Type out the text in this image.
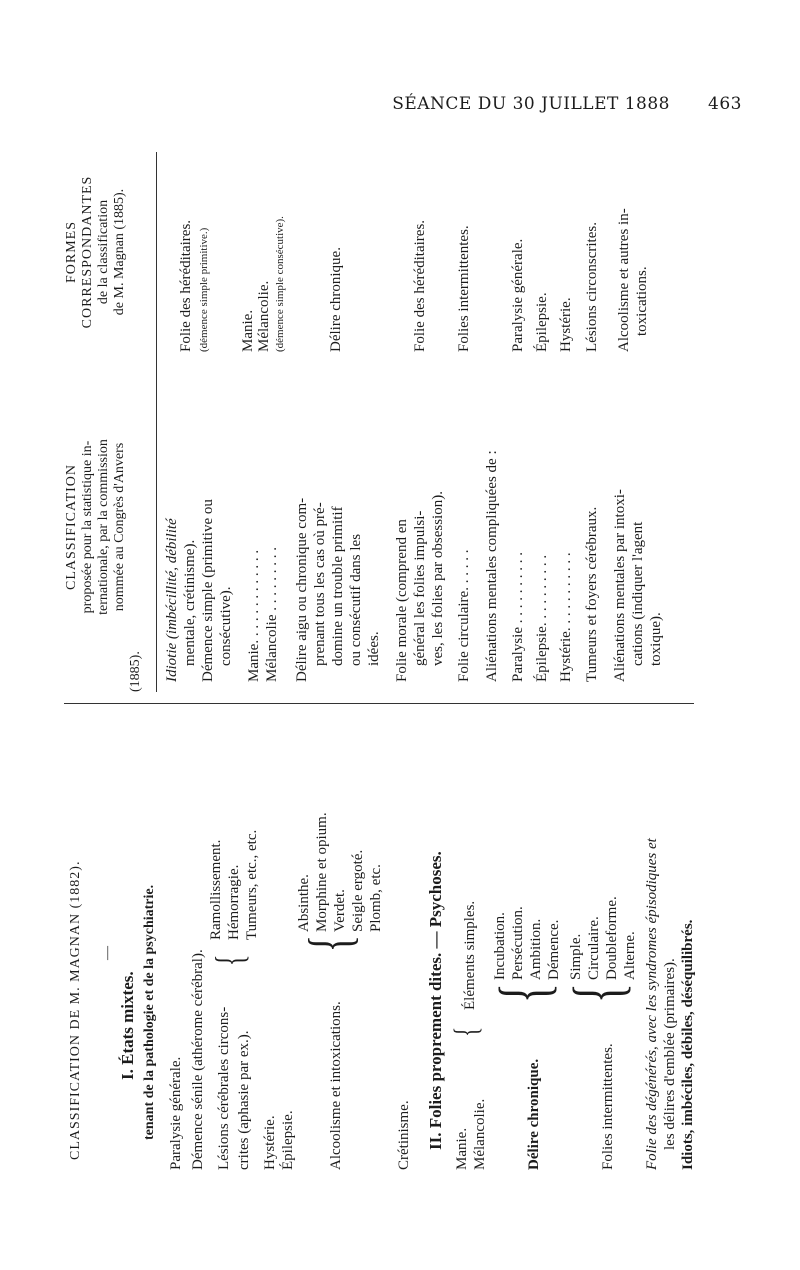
SÉANCE DU 30 JUILLET 1888 463
CLASSIFICATION DE M. MAGNAN (1882). —
I. États mixtes. tenant de la pathologie et de la psychiatrie. Paralysie générale. Démence sénile (athérome cérébral). Lésions cérébrales circons- crites (aphasie par ex.).
{
Ramollissement. Hémorragie. Tumeurs, etc., etc.
Hystérie. Épilepsie. Alcoolisme et intoxications.
{
Absinthe. Morphine et opium. Verdet. Seigle ergoté. Plomb, etc.
Crétinisme. II. Folies proprement dites. — Psychoses. Manie. Mélancolie.
{
Éléments simples.
Délire chronique.
{
Incubation. Persécution. Ambition. Démence.
Folies intermittentes.
{
Simple. Circulaire. Doubleforme. Alterne. Folie des dégénérés, avec les syndromes épisodiques et les délires d'emblée (primaires). Idiots, imbéciles, débiles, déséquilibrés.
CLASSIFICATION proposée pour la statistique in- ternationale, par la commission nommée au Congrès d'Anvers
(1885).
FORMES CORRESPONDANTES de la classification de M. Magnan (1885).
Idiotie (imbécillité, débilité mentale, crétinisme). Démence simple (primitive ou consécutive).
Folie des héréditaires. (démence simple primitive.)
Manie. . . . . . . . . . . . . Mélancolie . . . . . . . . .
Manie. Mélancolie. (démence simple consécutive).
Délire aigu ou chronique com- prenant tous les cas où pré- domine un trouble primitif ou consécutif dans les idées.
Délire chronique.
Folie morale (comprend en général les folies impulsi- ves, les folies par obsession).
Folie des héréditaires.
Folie circulaire. . . . . .
Folies intermittentes.
Aliénations mentales compliquées de : Paralysie . . . . . . . . . .
Paralysie générale.
Épilepsie. . . . . . . . . .
Épilepsie.
Hystérie. . . . . . . . . . .
Hystérie.
Tumeurs et foyers cérébraux.
Lésions circonscrites.
Aliénations mentales par intoxi- cations (indiquer l'agent toxique).
Alcoolisme et autres in- toxications.
